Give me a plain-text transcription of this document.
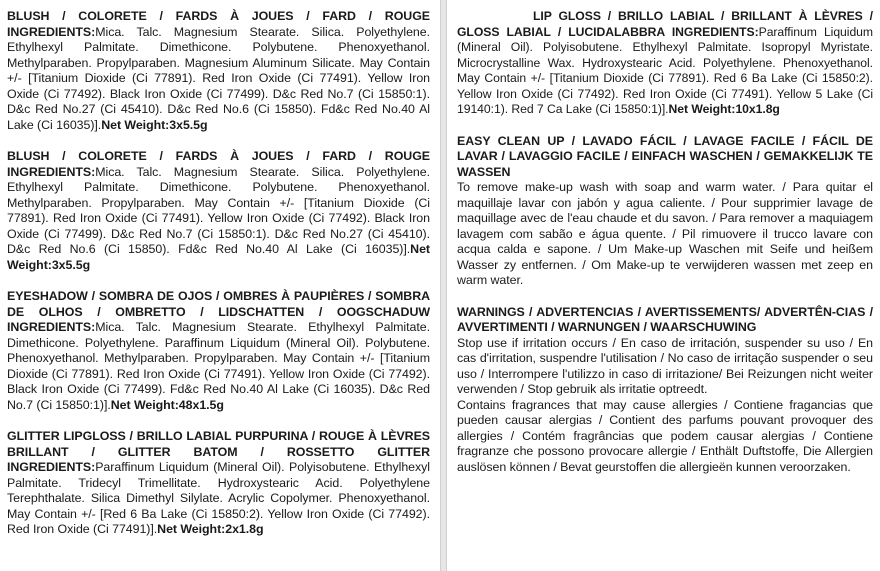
BLUSH / COLORETE / FARDS À JOUES / FARD / ROUGE INGREDIENTS:Mica. Talc. Magnesium Stearate. Silica. Polyethylene. Ethylhexyl Palmitate. Dimethicone. Polybutene. Phenoxyethanol. Methylparaben. Propylparaben. Magnesium Aluminum Silicate. May Contain +/- [Titanium Dioxide (Ci 77891). Red Iron Oxide (Ci 77491). Yellow Iron Oxide (Ci 77492). Black Iron Oxide (Ci 77499). D&c Red No.7 (Ci 15850:1). D&c Red No.27 (Ci 45410). D&c Red No.6 (Ci 15850). Fd&c Red No.40 Al Lake (Ci 16035)].Net Weight:3x5.5g
BLUSH / COLORETE / FARDS À JOUES / FARD / ROUGE INGREDIENTS:Mica. Talc. Magnesium Stearate. Silica. Polyethylene. Ethylhexyl Palmitate. Dimethicone. Polybutene. Phenoxyethanol. Methylparaben. Propylparaben. May Contain +/- [Titanium Dioxide (Ci 77891). Red Iron Oxide (Ci 77491). Yellow Iron Oxide (Ci 77492). Black Iron Oxide (Ci 77499). D&c Red No.7 (Ci 15850:1). D&c Red No.27 (Ci 45410). D&c Red No.6 (Ci 15850). Fd&c Red No.40 Al Lake (Ci 16035)].Net Weight:3x5.5g
EYESHADOW / SOMBRA DE OJOS / OMBRES À PAUPIÈRES / SOMBRA DE OLHOS / OMBRETTO / LIDSCHATTEN / OOGSCHADUW INGREDIENTS:Mica. Talc. Magnesium Stearate. Ethylhexyl Palmitate. Dimethicone. Polyethylene. Paraffinum Liquidum (Mineral Oil). Polybutene. Phenoxyethanol. Methylparaben. Propylparaben. May Contain +/- [Titanium Dioxide (Ci 77891). Red Iron Oxide (Ci 77491). Yellow Iron Oxide (Ci 77492). Black Iron Oxide (Ci 77499). Fd&c Red No.40 Al Lake (Ci 16035). D&c Red No.7 (Ci 15850:1)].Net Weight:48x1.5g
GLITTER LIPGLOSS / BRILLO LABIAL PURPURINA / ROUGE À LÈVRES BRILLANT / GLITTER BATOM / ROSSETTO GLITTER INGREDIENTS:Paraffinum Liquidum (Mineral Oil). Polyisobutene. Ethylhexyl Palmitate. Tridecyl Trimellitate. Hydroxystearic Acid. Polyethylene Terephthalate. Silica Dimethyl Silylate. Acrylic Copolymer. Phenoxyethanol. May Contain +/- [Red 6 Ba Lake (Ci 15850:2). Yellow Iron Oxide (Ci 77492). Red Iron Oxide (Ci 77491)].Net Weight:2x1.8g
LIP GLOSS / BRILLO LABIAL / BRILLANT À LÈVRES / GLOSS LABIAL / LUCIDALABBRA INGREDIENTS:Paraffinum Liquidum (Mineral Oil). Polyisobutene. Ethylhexyl Palmitate. Isopropyl Myristate. Microcrystalline Wax. Hydroxystearic Acid. Polyethylene. Phenoxyethanol. May Contain +/- [Titanium Dioxide (Ci 77891). Red 6 Ba Lake (Ci 15850:2). Yellow Iron Oxide (Ci 77492). Red Iron Oxide (Ci 77491). Yellow 5 Lake (Ci 19140:1). Red 7 Ca Lake (Ci 15850:1)].Net Weight:10x1.8g
EASY CLEAN UP / LAVADO FÁCIL / LAVAGE FACILE / FÁCIL DE LAVAR / LAVAGGIO FACILE / EINFACH WASCHEN / GEMAKKELIJK TE WASSEN
To remove make-up wash with soap and warm water. / Para quitar el maquillaje lavar con jabón y agua caliente. / Pour supprimier lavage de maquillage avec de l'eau chaude et du savon. / Para remover a maquiagem lavagem com sabão e água quente. / Pil rimuovere il trucco lavare con acqua calda e sapone. / Um Make-up Waschen mit Seife und heißem Wasser zy entfernen. / Om Make-up te verwijderen wassen met zeep en warm water.
WARNINGS / ADVERTENCIAS / AVERTISSEMENTS/ ADVERTÊN-CIAS / AVVERTIMENTI / WARNUNGEN / WAARSCHUWING
Stop use if irritation occurs / En caso de irritación, suspender su uso / En cas d'irritation, suspendre l'utilisation / No caso de irritação suspender o seu uso / Interrompere l'utilizzo in caso di irritazione/ Bei Reizungen nicht weiter verwenden / Stop gebruik als irritatie optreedt.
Contains fragrances that may cause allergies / Contiene fragancias que pueden causar alergias / Contient des parfums pouvant provoquer des allergies / Contém fragrâncias que podem causar alergias / Contiene fragranze che possono provocare allergie / Enthält Duftstoffe, Die Allergien auslösen können / Bevat geurstoffen die allergieën kunnen veroorzaken.
